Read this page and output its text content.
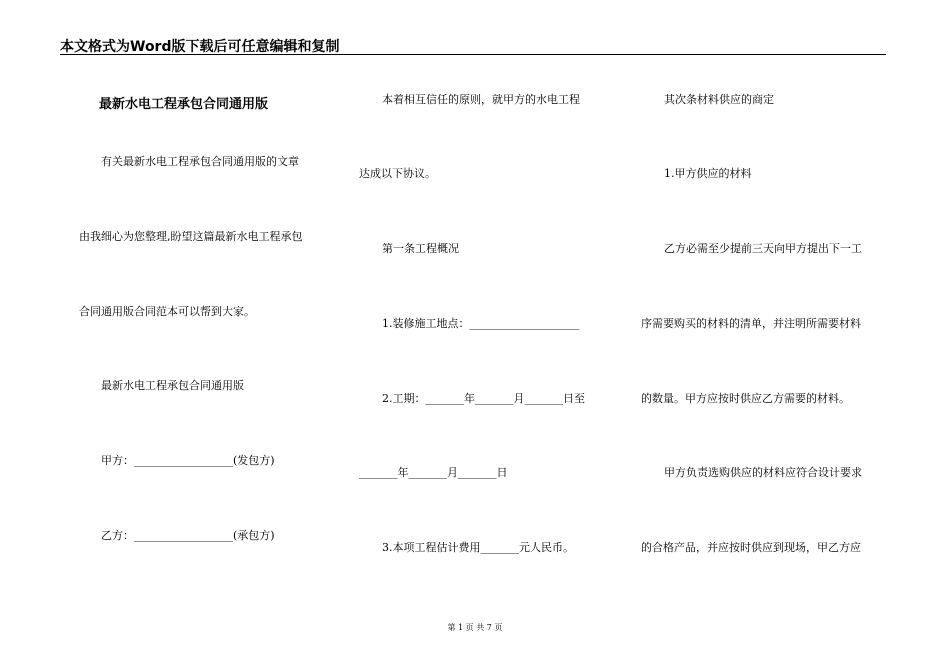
本文格式为Word版下载后可任意编辑和复制
最新水电工程承包合同通用版
有关最新水电工程承包合同通用版的文章
由我细心为您整理,盼望这篇最新水电工程承包
合同通用版合同范本可以帮到大家。
最新水电工程承包合同通用版
甲方：__________________(发包方)
乙方：__________________(承包方)
本着相互信任的原则，就甲方的水电工程
达成以下协议。
第一条工程概况
1.装修施工地点：____________________
2.工期：_______年_______月_______日至
_______年_______月_______日
3.本项工程估计费用_______元人民币。
其次条材料供应的商定
1.甲方供应的材料
乙方必需至少提前三天向甲方提出下一工
序需要购买的材料的清单，并注明所需要材料
的数量。甲方应按时供应乙方需要的材料。
甲方负责选购供应的材料应符合设计要求
的合格产品，并应按时供应到现场，甲乙方应
第 1 页 共 7 页
